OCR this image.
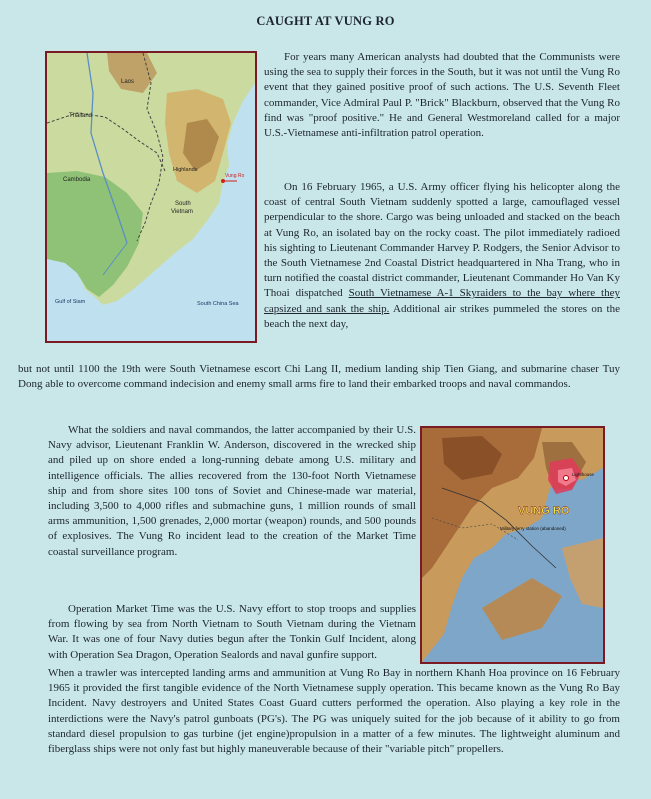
CAUGHT AT VUNG RO
Thailand
Laos
Cambodia
Highlands
South
Vietnam
Vung Ro
Gulf of Siam	South China Sea

For years many American analysts had doubted that the Communists were using the sea to supply their forces in the South, but it was not until the Vung Ro event that they gained positive proof of such actions. The U.S. Seventh Fleet commander, Vice Admiral Paul P. "Brick" Blackburn, observed that the Vung Ro find was "proof positive." He and General Westmoreland called for a major U.S.-Vietnamese anti-infiltration patrol operation.

On 16 February 1965, a U.S. Army officer flying his helicopter along the coast of central South Vietnam suddenly spotted a large, camouflaged vessel perpendicular to the shore. Cargo was being unloaded and stacked on the beach at Vung Ro, an isolated bay on the rocky coast. The pilot immediately radioed his sighting to Lieutenant Commander Harvey P. Rodgers, the Senior Advisor to the South Vietnamese 2nd Coastal District headquartered in Nha Trang, who in turn notified the coastal district commander, Lieutenant Commander Ho Van Ky Thoai dispatched South Vietnamese A-1 Skyraiders to the bay where they capsized and sank the ship. Additional air strikes pummeled the stores on the beach the next day,

but not until 1100 the 19th were South Vietnamese escort Chi Lang II, medium landing ship Tien Giang, and submarine chaser Tuy Dong able to overcome command indecision and enemy small arms fire to land their embarked troops and naval commandos.

VUNG RO
Military ferry station (abandoned)
Lighthouse

What the soldiers and naval commandos, the latter accompanied by their U.S. Navy advisor, Lieutenant Franklin W. Anderson, discovered in the wrecked ship and piled up on shore ended a long-running debate among U.S. military and intelligence officials. The allies recovered from the 130-foot North Vietnamese ship and from shore sites 100 tons of Soviet and Chinese-made war material, including 3,500 to 4,000 rifles and submachine guns, 1 million rounds of small arms ammunition, 1,500 grenades, 2,000 mortar (weapon) rounds, and 500 pounds of explosives. The Vung Ro incident lead to the creation of the Market Time coastal surveillance program.

Operation Market Time was the U.S. Navy effort to stop troops and supplies from flowing by sea from North Vietnam to South Vietnam during the Vietnam War. It was one of four Navy duties begun after the Tonkin Gulf Incident, along with Operation Sea Dragon, Operation Sealords and naval gunfire support.

When a trawler was intercepted landing arms and ammunition at Vung Ro Bay in northern Khanh Hoa province on 16 February 1965 it provided the first tangible evidence of the North Vietnamese supply operation. This became known as the Vung Ro Bay Incident. Navy destroyers and United States Coast Guard cutters performed the operation. Also playing a key role in the interdictions were the Navy's patrol gunboats (PG's). The PG was uniquely suited for the job because of it ability to go from standard diesel propulsion to gas turbine (jet engine)propulsion in a matter of a few minutes. The lightweight aluminum and fiberglass ships were not only fast but highly maneuverable because of their "variable pitch" propellers.
